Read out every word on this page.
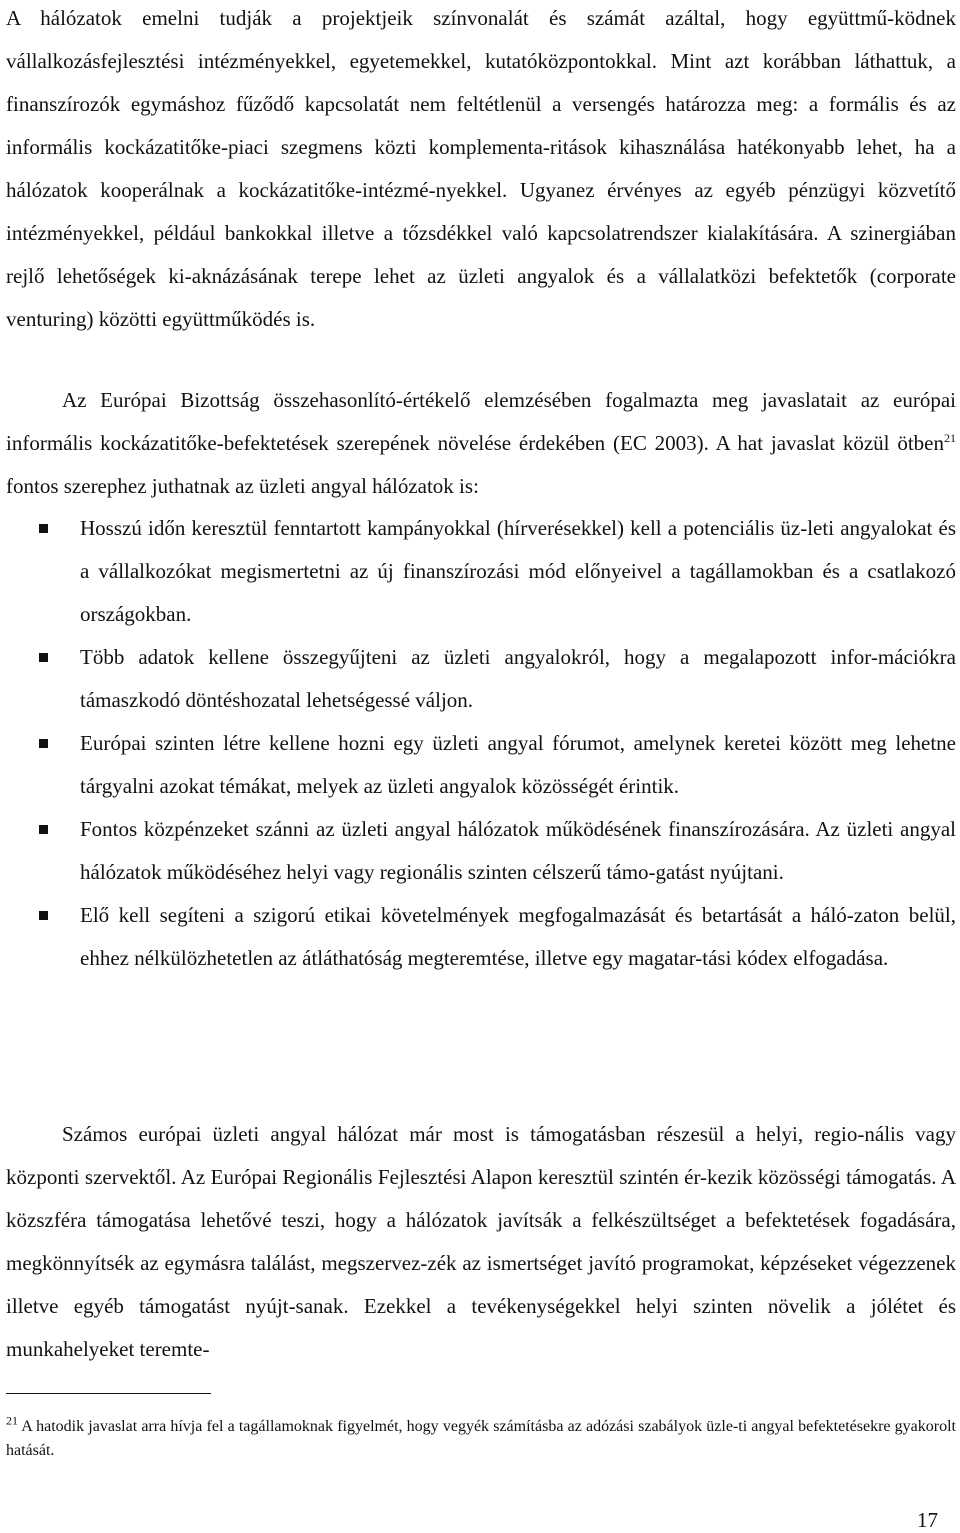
A hálózatok emelni tudják a projektjeik színvonalát és számát azáltal, hogy együttmű-ködnek vállalkozásfejlesztési intézményekkel, egyetemekkel, kutatóközpontokkal. Mint azt korábban láthattuk, a finanszírozók egymáshoz fűződő kapcsolatát nem feltétlenül a versengés határozza meg: a formális és az informális kockázatitőke-piaci szegmens közti komplementa-ritások kihasználása hatékonyabb lehet, ha a hálózatok kooperálnak a kockázatitőke-intézmé-nyekkel. Ugyanez érvényes az egyéb pénzügyi közvetítő intézményekkel, például bankokkal illetve a tőzsdékkel való kapcsolatrendszer kialakítására. A szinergiában rejlő lehetőségek ki-aknázásának terepe lehet az üzleti angyalok és a vállalatközi befektetők (corporate venturing) közötti együttműködés is.

Az Európai Bizottság összehasonlító-értékelő elemzésében fogalmazta meg javaslatait az európai informális kockázatitőke-befektetések szerepének növelése érdekében (EC 2003). A hat javaslat közül ötben$^{21}$ fontos szerephez juthatnak az üzleti angyal hálózatok is:

Hosszú időn keresztül fenntartott kampányokkal (hírverésekkel) kell a potenciális üz-leti angyalokat és a vállalkozókat megismertetni az új finanszírozási mód előnyeivel a tagállamokban és a csatlakozó országokban.
Több adatok kellene összegyűjteni az üzleti angyalokról, hogy a megalapozott infor-mációkra támaszkodó döntéshozatal lehetségessé váljon.
Európai szinten létre kellene hozni egy üzleti angyal fórumot, amelynek keretei között meg lehetne tárgyalni azokat témákat, melyek az üzleti angyalok közösségét érintik.
Fontos közpénzeket szánni az üzleti angyal hálózatok működésének finanszírozására. Az üzleti angyal hálózatok működéséhez helyi vagy regionális szinten célszerű támo-gatást nyújtani.
Elő kell segíteni a szigorú etikai követelmények megfogalmazását és betartását a háló-zaton belül, ehhez nélkülözhetetlen az átláthatóság megteremtése, illetve egy magatar-tási kódex elfogadása.

Számos európai üzleti angyal hálózat már most is támogatásban részesül a helyi, regio-nális vagy központi szervektől. Az Európai Regionális Fejlesztési Alapon keresztül szintén ér-kezik közösségi támogatás. A közszféra támogatása lehetővé teszi, hogy a hálózatok javítsák a felkészültséget a befektetések fogadására, megkönnyítsék az egymásra találást, megszervez-zék az ismertséget javító programokat, képzéseket végezzenek illetve egyéb támogatást nyújt-sanak. Ezekkel a tevékenységekkel helyi szinten növelik a jólétet és munkahelyeket teremte-

$^{21}$ A hatodik javaslat arra hívja fel a tagállamoknak figyelmét, hogy vegyék számításba az adózási szabályok üzle-ti angyal befektetésekre gyakorolt hatását.

17
